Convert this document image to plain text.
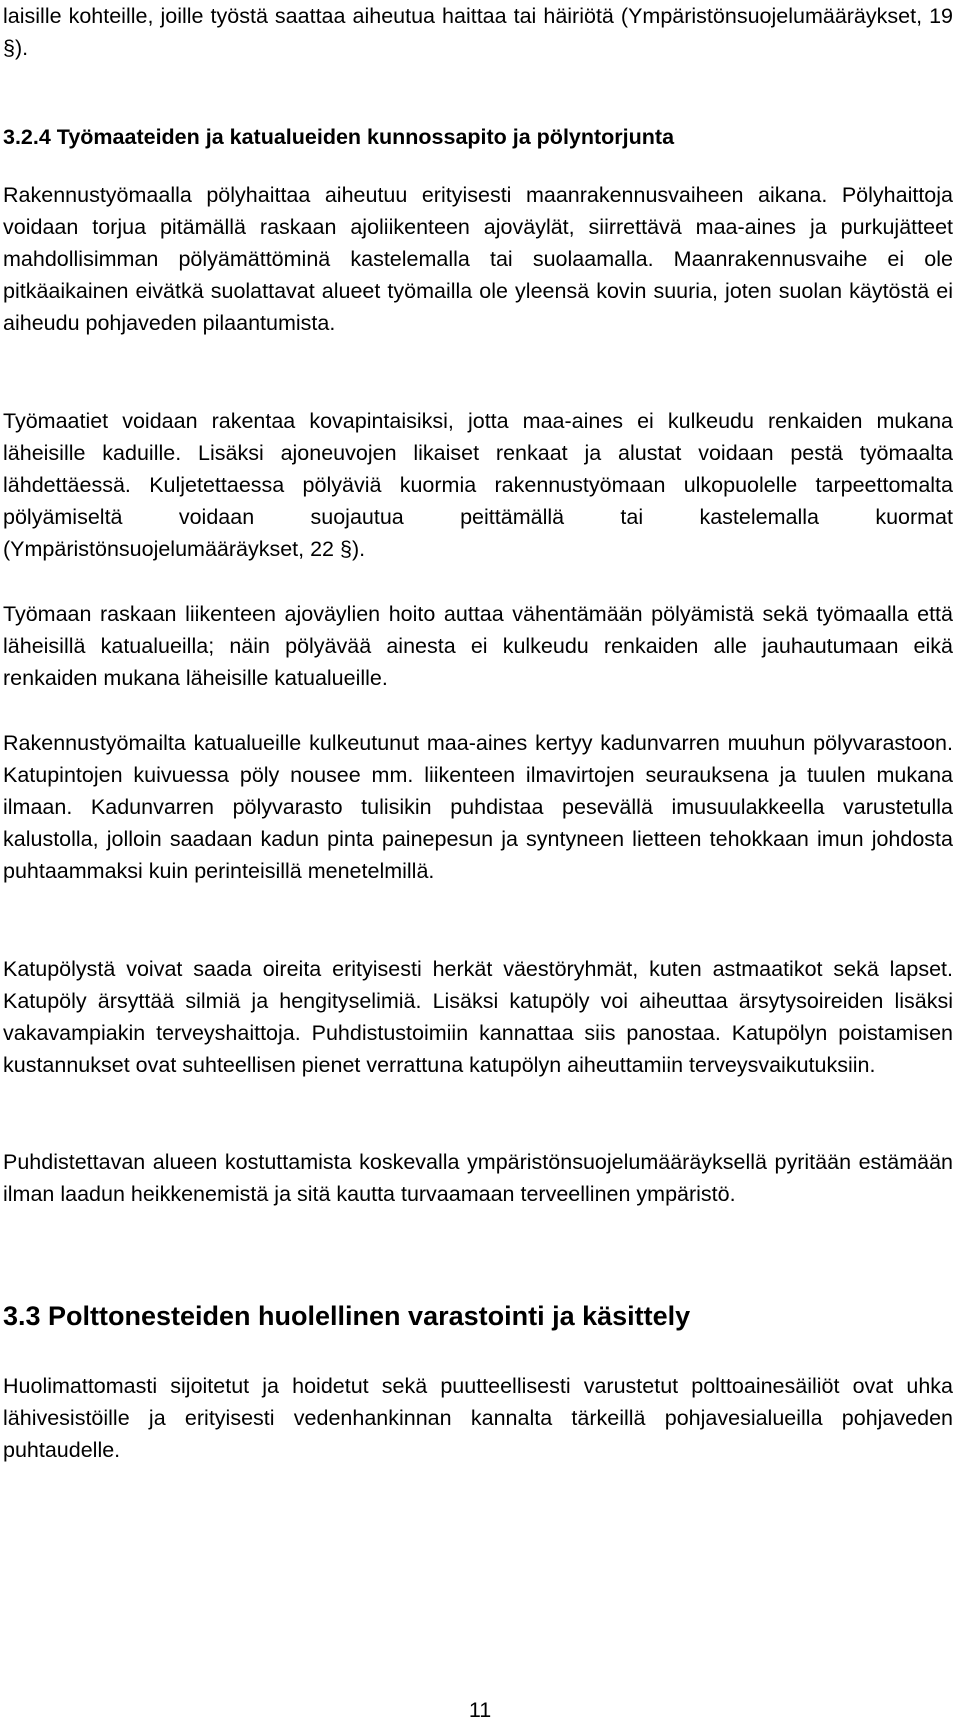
laisille kohteille, joille työstä saattaa aiheutua haittaa tai häiriötä (Ympäristönsuojelumääräykset, 19 §).

3.2.4 Työmaateiden ja katualueiden kunnossapito ja pölyntorjunta

Rakennustyömaalla pölyhaittaa aiheutuu erityisesti maanrakennusvaiheen aikana. Pölyhaittoja voidaan torjua pitämällä raskaan ajoliikenteen ajoväylät, siirrettävä maa-aines ja purkujätteet mahdollisimman pölyämättöminä kastelemalla tai suolaamalla. Maanrakennusvaihe ei ole pitkäaikainen eivätkä suolattavat alueet työmailla ole yleensä kovin suuria, joten suolan käytöstä ei aiheudu pohjaveden pilaantumista.

Työmaatiet voidaan rakentaa kovapintaisiksi, jotta maa-aines ei kulkeudu renkaiden mukana läheisille kaduille. Lisäksi ajoneuvojen likaiset renkaat ja alustat voidaan pestä työmaalta lähdettäessä. Kuljetettaessa pölyäviä kuormia rakennustyömaan ulkopuolelle tarpeettomalta pölyämiseltä voidaan suojautua peittämällä tai kastelemalla kuormat (Ympäristönsuojelumääräykset, 22 §).

Työmaan raskaan liikenteen ajoväylien hoito auttaa vähentämään pölyämistä sekä työmaalla että läheisillä katualueilla; näin pölyävää ainesta ei kulkeudu renkaiden alle jauhautumaan eikä renkaiden mukana läheisille katualueille.

Rakennustyömailta katualueille kulkeutunut maa-aines kertyy kadunvarren muuhun pölyvarastoon. Katupintojen kuivuessa pöly nousee mm. liikenteen ilmavirtojen seurauksena ja tuulen mukana ilmaan. Kadunvarren pölyvarasto tulisikin puhdistaa pesevällä imusuulakkeella varustetulla kalustolla, jolloin saadaan kadun pinta painepesun ja syntyneen lietteen tehokkaan imun johdosta puhtaammaksi kuin perinteisillä menetelmillä.

Katupölystä voivat saada oireita erityisesti herkät väestöryhmät, kuten astmaatikot sekä lapset. Katupöly ärsyttää silmiä ja hengityselimiä. Lisäksi katupöly voi aiheuttaa ärsytysoireiden lisäksi vakavampiakin terveyshaittoja. Puhdistustoimiin kannattaa siis panostaa. Katupölyn poistamisen kustannukset ovat suhteellisen pienet verrattuna katupölyn aiheuttamiin terveysvaikutuksiin.

Puhdistettavan alueen kostuttamista koskevalla ympäristönsuojelumääräyksellä pyritään estämään ilman laadun heikkenemistä ja sitä kautta turvaamaan terveellinen ympäristö.

3.3 Polttonesteiden huolellinen varastointi ja käsittely

Huolimattomasti sijoitetut ja hoidetut sekä puutteellisesti varustetut polttoainesäiliöt ovat uhka lähivesistöille ja erityisesti vedenhankinnan kannalta tärkeillä pohjavesialueilla pohjaveden puhtaudelle.

11
